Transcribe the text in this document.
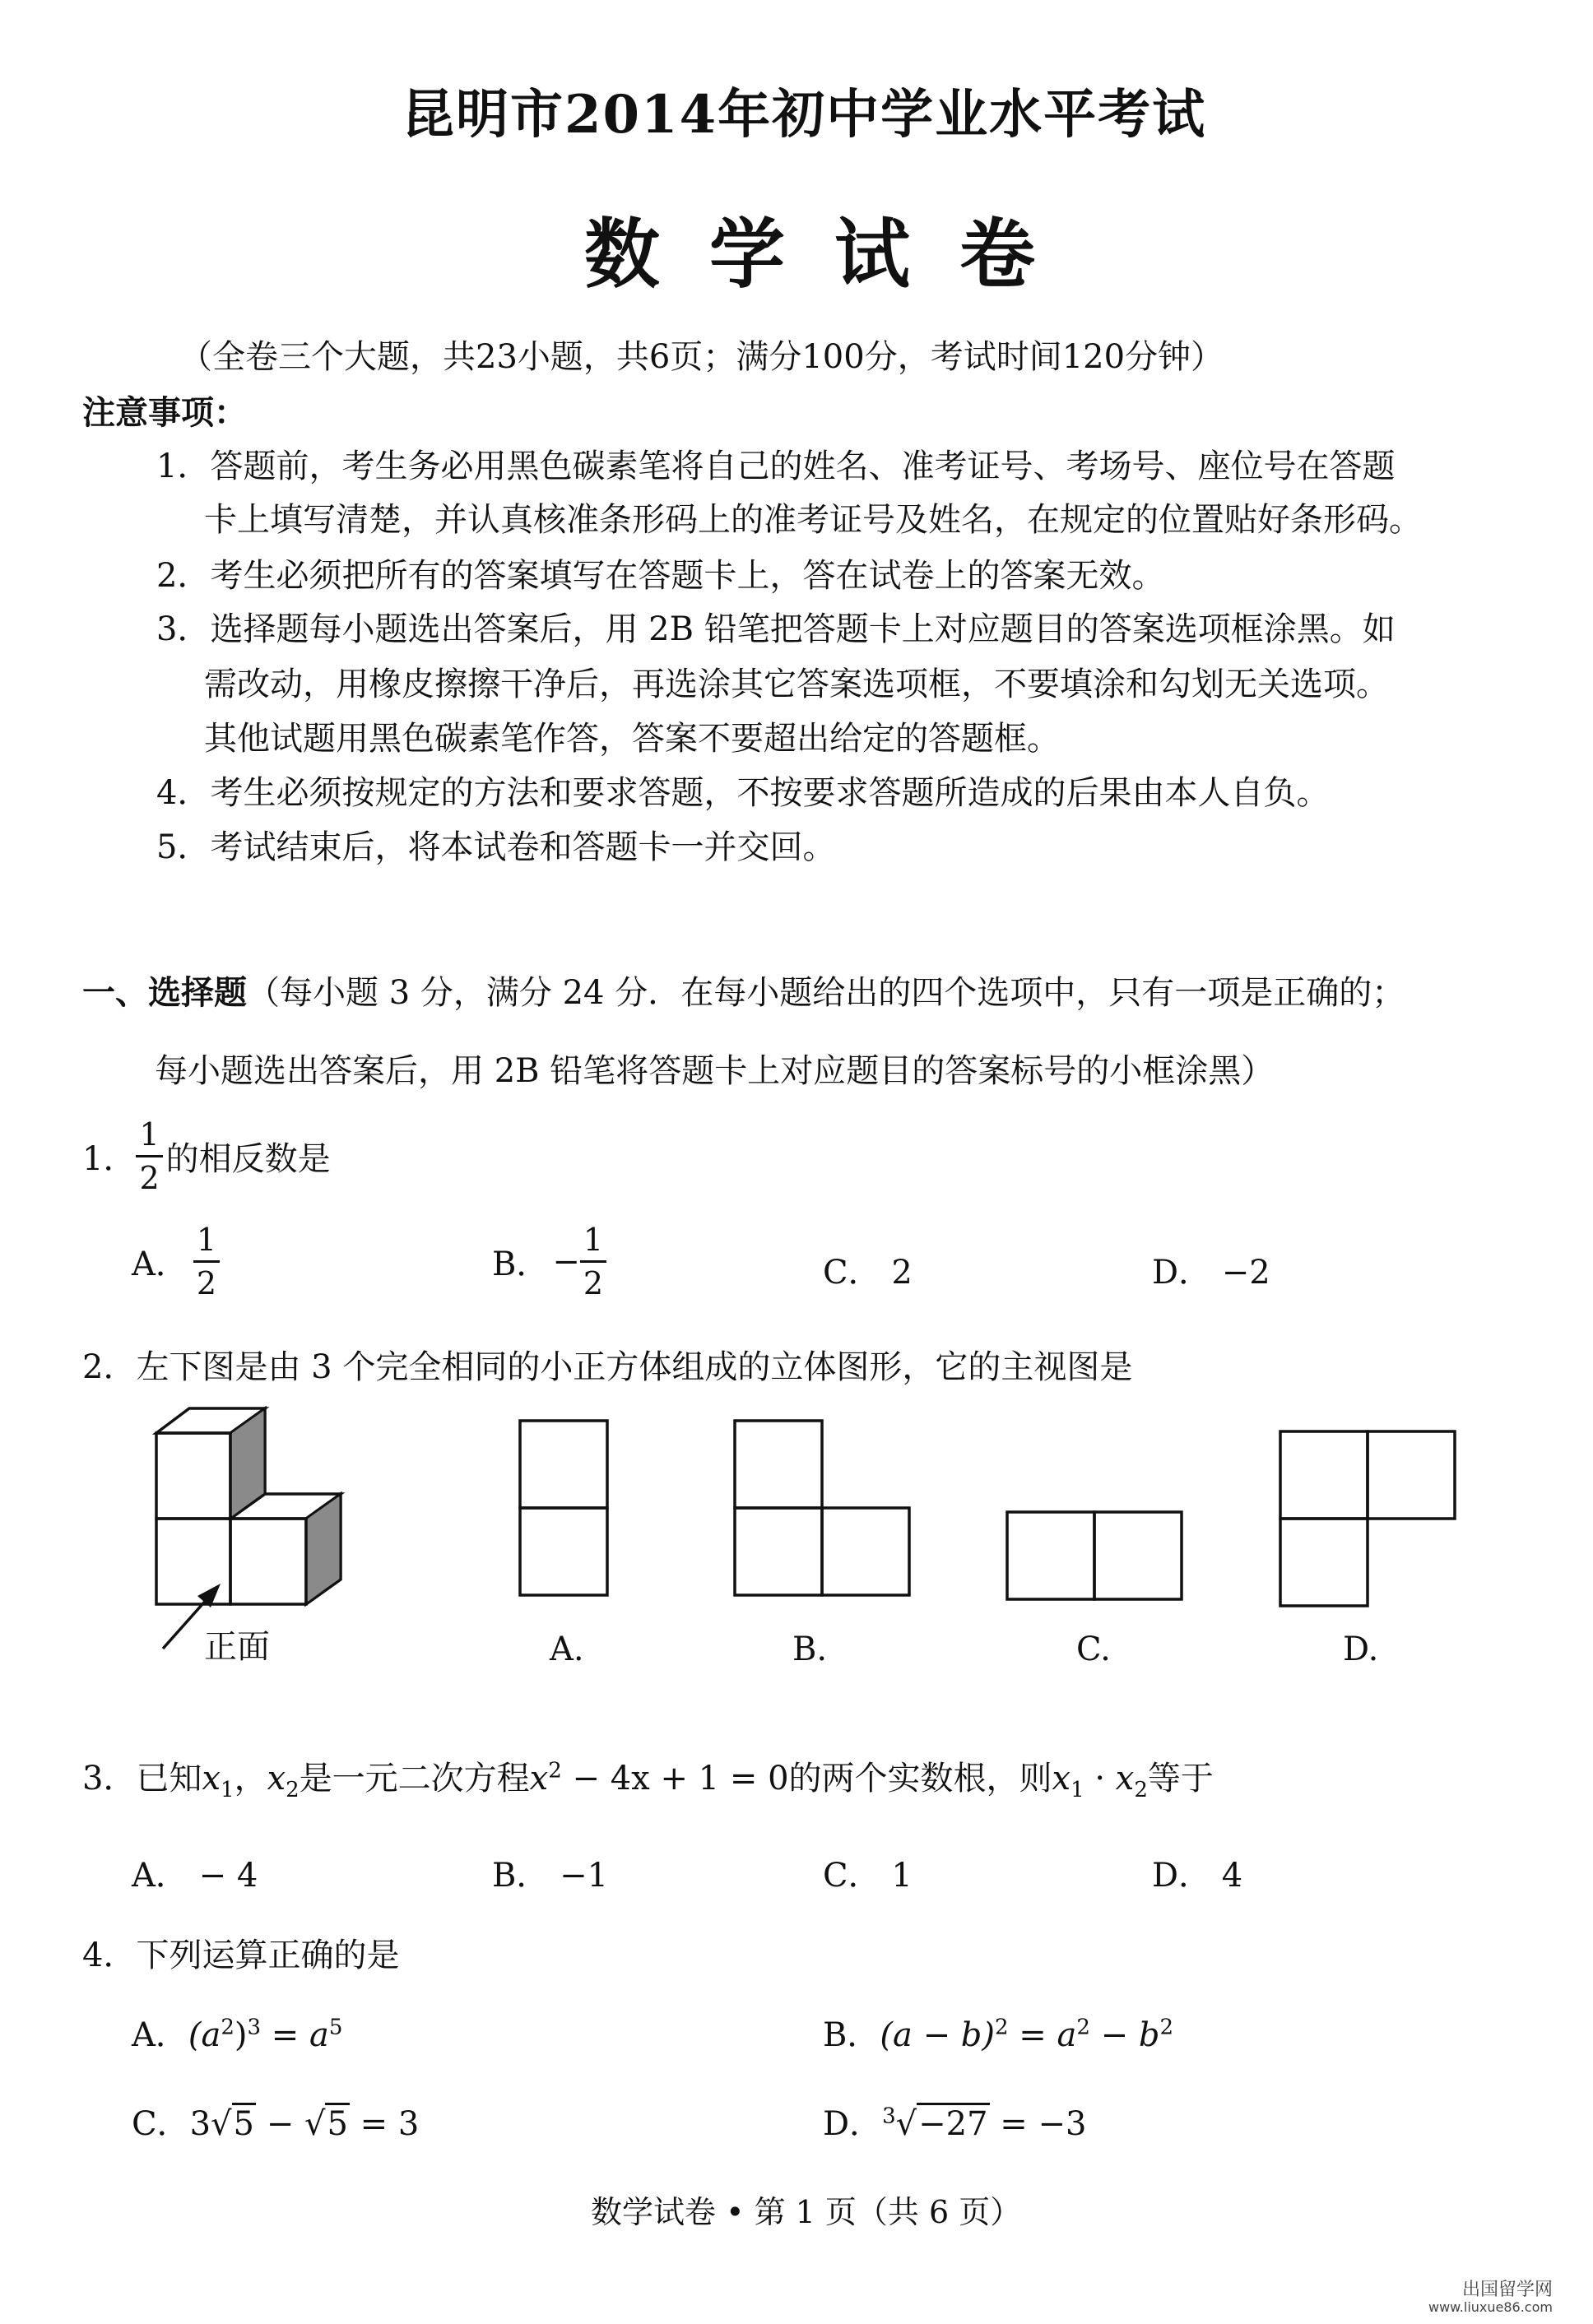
昆明市2014年初中学业水平考试
数学试卷
（全卷三个大题，共23小题，共6页；满分100分，考试时间120分钟）
注意事项：
1．答题前，考生务必用黑色碳素笔将自己的姓名、准考证号、考场号、座位号在答题
卡上填写清楚，并认真核准条形码上的准考证号及姓名，在规定的位置贴好条形码。
2．考生必须把所有的答案填写在答题卡上，答在试卷上的答案无效。
3．选择题每小题选出答案后，用 2B 铅笔把答题卡上对应题目的答案选项框涂黑。如
需改动，用橡皮擦擦干净后，再选涂其它答案选项框，不要填涂和勾划无关选项。
其他试题用黑色碳素笔作答，答案不要超出给定的答题框。
4．考生必须按规定的方法和要求答题，不按要求答题所造成的后果由本人自负。
5．考试结束后，将本试卷和答题卡一并交回。
一、选择题（每小题 3 分，满分 24 分．在每小题给出的四个选项中，只有一项是正确的；
每小题选出答案后，用 2B 铅笔将答题卡上对应题目的答案标号的小框涂黑）
1． $\frac{1}{2}$ 的相反数是
A． $\frac{1}{2}$	B． − $\frac{1}{2}$	C． 2	D． −2
2．左下图是由 3 个完全相同的小正方体组成的立体图形，它的主视图是
正面	A.	B.	C.	D.
3．已知$x_1$，$x_2$是一元二次方程$x^2 - 4x + 1 = 0$的两个实数根，则$x_1 \cdot x_2$等于
A． − 4	B． −1	C． 1	D． 4
4．下列运算正确的是
A．$(a^2)^3 = a^5$	B．$(a - b)^2 = a^2 - b^2$
C．3√5 − √5 = 3	D．$^3$√−27 = −3
数学试卷 • 第 1 页（共 6 页）
出国留学网
www.liuxue86.com
